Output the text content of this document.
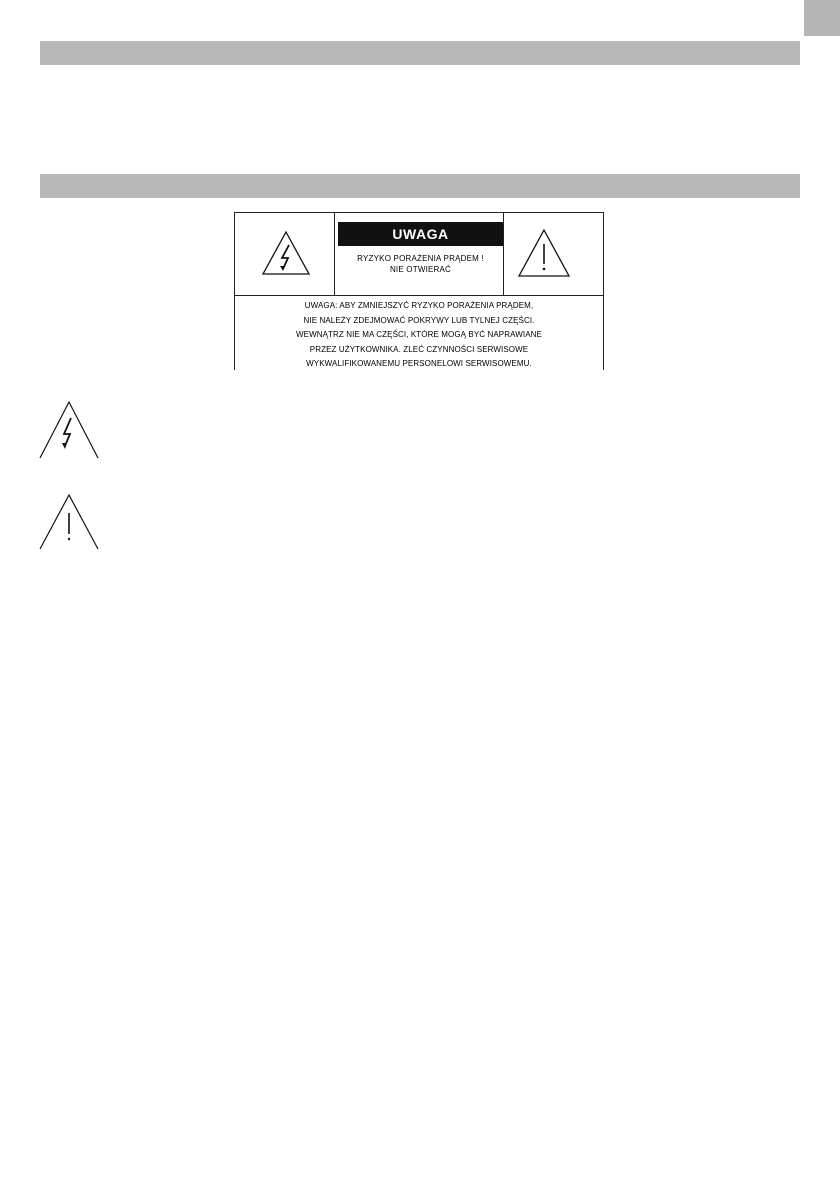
UWAGA
RYZYKO PORAŻENIA PRĄDEM !
NIE OTWIERAĆ
UWAGA: ABY ZMNIEJSZYĆ RYZYKO PORAŻENIA PRĄDEM,
NIE NALEŻY ZDEJMOWAĆ POKRYWY LUB TYLNEJ CZĘŚCI.
WEWNĄTRZ NIE MA CZĘŚCI, KTÓRE MOGĄ BYĆ NAPRAWIANE
PRZEZ UŻYTKOWNIKA. ZLEĆ CZYNNOŚCI SERWISOWE
WYKWALIFIKOWANEMU PERSONELOWI SERWISOWEMU.
